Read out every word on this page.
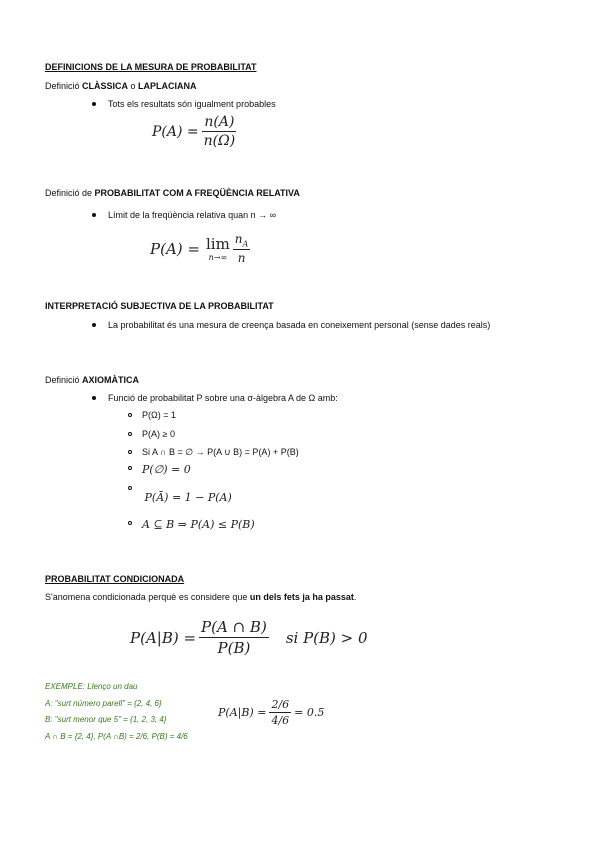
DEFINICIONS DE LA MESURA DE PROBABILITAT
Definició CLÀSSICA o LAPLACIANA
Tots els resultats són igualment probables
$P(A) = \frac{n(A)}{n(\Omega)}$
Definició de PROBABILITAT COM A FREQÜÈNCIA RELATIVA
Límit de la freqüència relativa quan n → ∞
P(A) = lim
$n\to\infty \frac{n_A}{n}$
INTERPRETACIÓ SUBJECTIVA DE LA PROBABILITAT
La probabilitat és una mesura de creença basada en coneixement personal (sense dades reals)
Definició AXIOMÀTICA
Funció de probabilitat P sobre una σ-àlgebra A de Ω amb:
P(Ω) = 1
P(A) ≥ 0
Si A ∩ B = ∅ → P(A ∪ B) = P(A) + P(B)
P(∅) = 0
P(Ā) = 1 − P(A)
A ⊆ B ⇒ P(A) ≤ P(B)
PROBABILITAT CONDICIONADA
S'anomena condicionada perquè es considere que un dels fets ja ha passat.
$P(A|B) = \frac{P(A \cap B)}{P(B)}$ si P(B) > 0
EXEMPLE: Llenço un dau
A: "surt número parell" = {2, 4, 6}
B: "surt menor que 5" = {1, 2, 3, 4}
A ∩ B = {2, 4}, P(A ∩B) = 2/6, P(B) = 4/6
$P(A|B) = \frac{2/6}{4/6} = 0.5$
